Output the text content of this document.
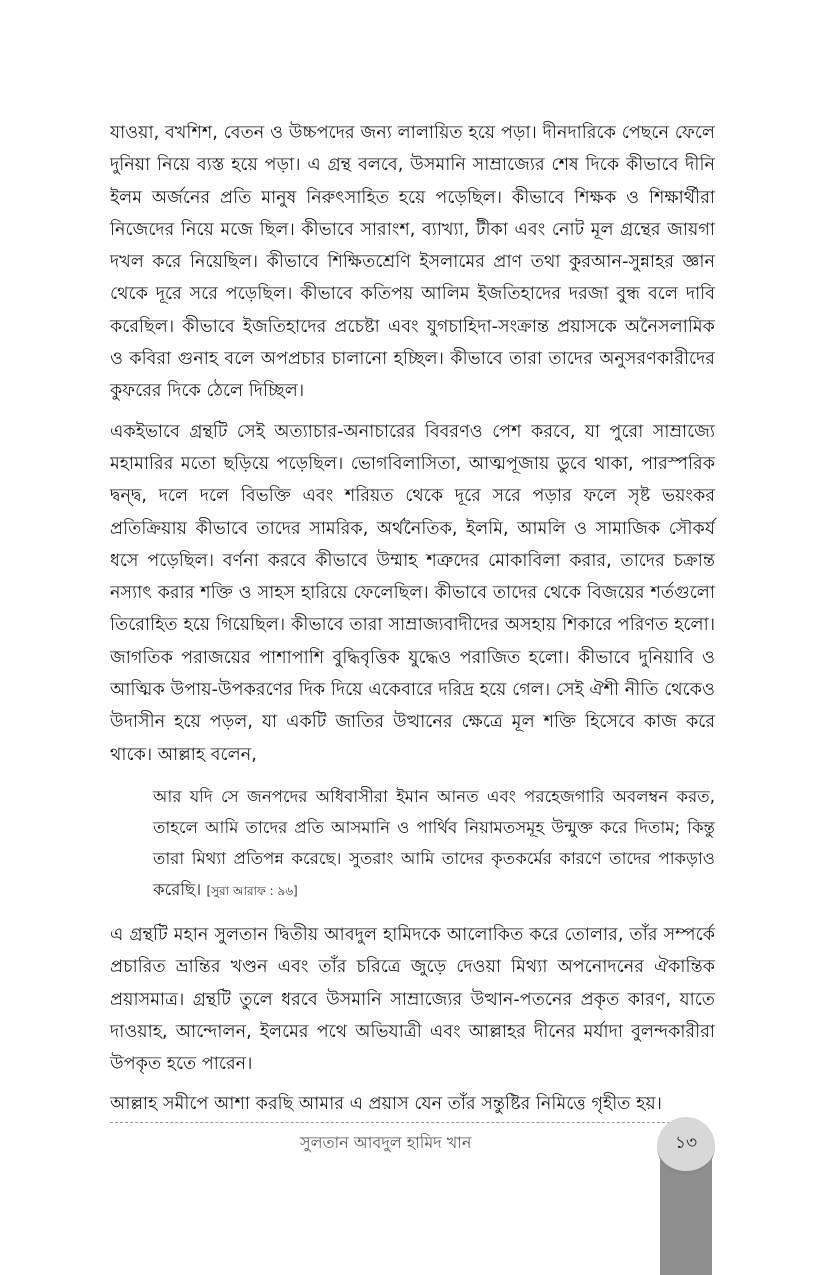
যাওয়া, বখশিশ, বেতন ও উচ্চপদের জন্য লালায়িত হয়ে পড়া। দীনদারিকে পেছনে ফেলে দুনিয়া নিয়ে ব্যস্ত হয়ে পড়া। এ গ্রন্থ বলবে, উসমানি সাম্রাজ্যের শেষ দিকে কীভাবে দীনি ইলম অর্জনের প্রতি মানুষ নিরুৎসাহিত হয়ে পড়েছিল। কীভাবে শিক্ষক ও শিক্ষার্থীরা নিজেদের নিয়ে মজে ছিল। কীভাবে সারাংশ, ব্যাখ্যা, টীকা এবং নোট মূল গ্রন্থের জায়গা দখল করে নিয়েছিল। কীভাবে শিক্ষিতশ্রেণি ইসলামের প্রাণ তথা কুরআন-সুন্নাহর জ্ঞান থেকে দূরে সরে পড়েছিল। কীভাবে কতিপয় আলিম ইজতিহাদের দরজা বুন্ধ বলে দাবি করেছিল। কীভাবে ইজতিহাদের প্রচেষ্টা এবং যুগচাহিদা-সংক্রান্ত প্রয়াসকে অনৈসলামিক ও কবিরা গুনাহ বলে অপপ্রচার চালানো হচ্ছিল। কীভাবে তারা তাদের অনুসরণকারীদের কুফরের দিকে ঠেলে দিচ্ছিল।

একইভাবে গ্রন্থটি সেই অত্যাচার-অনাচারের বিবরণও পেশ করবে, যা পুরো সাম্রাজ্যে মহামারির মতো ছড়িয়ে পড়েছিল। ভোগবিলাসিতা, আত্মপূজায় ডুবে থাকা, পারস্পরিক দ্বন্দ্ব, দলে দলে বিভক্তি এবং শরিয়ত থেকে দূরে সরে পড়ার ফলে সৃষ্ট ভয়ংকর প্রতিক্রিয়ায় কীভাবে তাদের সামরিক, অর্থনৈতিক, ইলমি, আমলি ও সামাজিক সৌকর্য ধসে পড়েছিল। বর্ণনা করবে কীভাবে উম্মাহ শত্রুদের মোকাবিলা করার, তাদের চক্রান্ত নস্যাৎ করার শক্তি ও সাহস হারিয়ে ফেলেছিল। কীভাবে তাদের থেকে বিজয়ের শর্তগুলো তিরোহিত হয়ে গিয়েছিল। কীভাবে তারা সাম্রাজ্যবাদীদের অসহায় শিকারে পরিণত হলো। জাগতিক পরাজয়ের পাশাপাশি বুদ্ধিবৃত্তিক যুদ্ধেও পরাজিত হলো। কীভাবে দুনিয়াবি ও আত্মিক উপায়-উপকরণের দিক দিয়ে একেবারে দরিদ্র হয়ে গেল। সেই ঐশী নীতি থেকেও উদাসীন হয়ে পড়ল, যা একটি জাতির উত্থানের ক্ষেত্রে মূল শক্তি হিসেবে কাজ করে থাকে। আল্লাহ বলেন,

আর যদি সে জনপদের অধিবাসীরা ইমান আনত এবং পরহেজগারি অবলম্বন করত, তাহলে আমি তাদের প্রতি আসমানি ও পার্থিব নিয়ামতসমূহ উন্মুক্ত করে দিতাম; কিন্তু তারা মিথ্যা প্রতিপন্ন করেছে। সুতরাং আমি তাদের কৃতকর্মের কারণে তাদের পাকড়াও করেছি। [সুরা আরাফ : ৯৬]

এ গ্রন্থটি মহান সুলতান দ্বিতীয় আবদুল হামিদকে আলোকিত করে তোলার, তাঁর সম্পর্কে প্রচারিত ভ্রান্তির খণ্ডন এবং তাঁর চরিত্রে জুড়ে দেওয়া মিথ্যা অপনোদনের ঐকান্তিক প্রয়াসমাত্র। গ্রন্থটি তুলে ধরবে উসমানি সাম্রাজ্যের উত্থান-পতনের প্রকৃত কারণ, যাতে দাওয়াহ, আন্দোলন, ইলমের পথে অভিযাত্রী এবং আল্লাহর দীনের মর্যাদা বুলন্দকারীরা উপকৃত হতে পারেন।

আল্লাহ সমীপে আশা করছি আমার এ প্রয়াস যেন তাঁর সন্তুষ্টির নিমিত্তে গৃহীত হয়।

সুলতান আবদুল হামিদ খান	১৩
